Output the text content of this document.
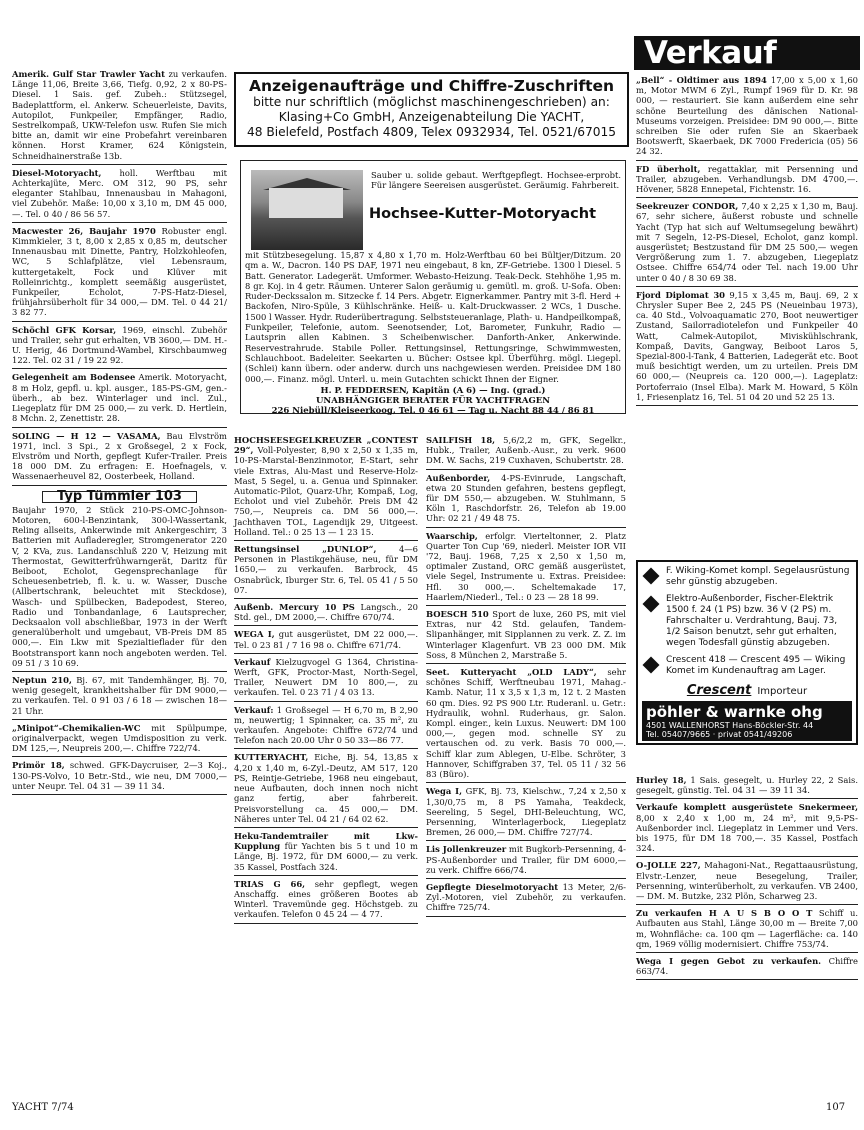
Verkauf
Anzeigenaufträge und Chiffre-Zuschriften
bitte nur schriftlich (möglichst maschinengeschrieben) an:
Klasing+Co GmbH, Anzeigenabteilung Die YACHT,
48 Bielefeld, Postfach 4809, Telex 0932934, Tel. 0521/67015
Sauber u. solide gebaut. Werftgepflegt. Hochsee-erprobt. Für längere Seereisen ausgerüstet. Geräumig. Fahrbereit.
Hochsee-Kutter-Motoryacht
mit Stützbesegelung. 15,87 x 4,80 x 1,70 m. Holz-Werftbau 60 bei Bültjer/Ditzum. 20 qm a. W., Dacron. 140 PS DAF, 1971 neu eingebaut, 8 kn, ZF-Getriebe. 1300 l Diesel. 5 Batt. Generator. Ladegerät. Umformer. Webasto-Heizung. Teak-Deck. Stehhöhe 1,95 m. 8 gr. Koj. in 4 getr. Räumen. Unterer Salon geräumig u. gemütl. m. groß. U-Sofa. Oben: Ruder-Deckssalon m. Sitzecke f. 14 Pers. Abgetr. Eignerkammer. Pantry mit 3-fl. Herd + Backofen, Niro-Spüle, 3 Kühlschränke. Heiß- u. Kalt-Druckwasser. 2 WCs, 1 Dusche. 1500 l Wasser. Hydr. Ruderübertragung. Selbststeueranlage, Plath- u. Handpeilkompaß, Funkpeiler, Telefonie, autom. Seenotsender, Lot, Barometer, Funkuhr, Radio — Lautsprin allen Kabinen. 3 Scheibenwischer. Danforth-Anker, Ankerwinde. Reservestrahrude. Stabile Poller. Rettungsinsel, Rettungsringe, Schwimmwesten, Schlauchboot. Badeleiter. Seekarten u. Bücher: Ostsee kpl. Überführg. mögl. Liegepl. (Schlei) kann übern. oder anderw. durch uns nachgewiesen werden. Preisidee DM 180 000,—. Finanz. mögl. Unterl. u. mein Gutachten schickt Ihnen der Eigner.
H. P. FEDDERSEN, Kapitän (A 6) — Ing. (grad.)
UNABHÄNGIGER BERATER FÜR YACHTFRAGEN
226 Niebüll/Kleiseerkoog, Tel. 0 46 61 — Tag u. Nacht 88 44 / 86 81
Amerik. Gulf Star Trawler Yacht zu verkaufen. Länge 11,06, Breite 3,66, Tiefg. 0,92, 2 x 80-PS-Diesel. 1 Sais. gef. Zubeh.: Stützsegel, Badeplattform, el. Ankerw. Scheuerleiste, Davits, Autopilot, Funkpeiler, Empfänger, Radio, Sestrelkompaß, UKW-Telefon usw. Rufen Sie mich bitte an, damit wir eine Probefahrt vereinbaren können. Horst Kramer, 624 Königstein, Schneidhainerstraße 13b.
Diesel-Motoryacht, holl. Werftbau mit Achterkajüte, Merc. OM 312, 90 PS, sehr eleganter Stahlbau, Innenausbau in Mahagoni, viel Zubehör. Maße: 10,00 x 3,10 m, DM 45 000,—. Tel. 0 40 / 86 56 57.
Macwester 26, Baujahr 1970 Robuster engl. Kimmkieler, 3 t, 8,00 x 2,85 x 0,85 m, deutscher Innenausbau mit Dinette, Pantry, Holzkohleofen, WC, 5 Schlafplätze, viel Lebensraum, kuttergetakelt, Fock und Klüver mit Rolleinrichtg., komplett seemäßig ausgerüstet, Funkpeiler, Echolot, 7-PS-Hatz-Diesel, frühjahrsüberholt für 34 000,— DM. Tel. 0 44 21/ 3 82 77.
Schöchl GFK Korsar, 1969, einschl. Zubehör und Trailer, sehr gut erhalten, VB 3600,— DM. H.-U. Herig, 46 Dortmund-Wambel, Kirschbaumweg 122. Tel. 02 31 / 19 22 92.
Gelegenheit am Bodensee Amerik. Motoryacht, 8 m Holz, gepfl. u. kpl. ausger., 185-PS-GM, gen.-überh., ab bez. Winterlager und incl. Zul., Liegeplatz für DM 25 000,— zu verk. D. Hertlein, 8 Mchn. 2, Zenettistr. 28.
SOLING — H 12 — VASAMA, Bau Elvström 1971, incl. 3 Spi., 2 x Großsegel, 2 x Fock, Elvström und North, gepflegt Kufer-Trailer. Preis 18 000 DM. Zu erfragen: E. Hoefnagels, v. Wassenaerheuvel 82, Oosterbeek, Holland.
Typ Tümmler 103
Baujahr 1970, 2 Stück 210-PS-OMC-Johnson-Motoren, 600-l-Benzintank, 300-l-Wassertank, Reling allseits, Ankerwinde mit Ankergeschirr, 3 Batterien mit Aufladeregler, Stromgenerator 220 V, 2 KVa, zus. Landanschluß 220 V, Heizung mit Thermostat, Gewitterfrühwarngerät, Daritz für Beiboot, Echolot, Gegensprechanlage für Scheuesenbetrieb, fl. k. u. w. Wasser, Dusche (Allbertschrank, beleuchtet mit Steckdose), Wasch- und Spülbecken, Badepodest, Stereo, Radio und Tonbandanlage, 6 Lautsprecher, Decksaalon voll abschließbar, 1973 in der Werft generalüberholt und umgebaut, VB-Preis DM 85 000,—. Ein Lkw mit Spezialtieflader für den Bootstransport kann noch angeboten werden. Tel. 09 51 / 3 10 69.
Neptun 210, Bj. 67, mit Tandemhänger, Bj. 70, wenig gesegelt, krankheitshalber für DM 9000,— zu verkaufen. Tel. 0 91 03 / 6 18 — zwischen 18—21 Uhr.
„Minipot“-Chemikalien-WC mit Spülpumpe, originalverpackt, wegen Umdisposition zu verk. DM 125,—, Neupreis 200,—. Chiffre 722/74.
Primör 18, schwed. GFK-Daycruiser, 2—3 Koj., 130-PS-Volvo, 10 Betr.-Std., wie neu, DM 7000,— unter Neupr. Tel. 04 31 — 39 11 34.
HOCHSEESEGELKREUZER „CONTEST 29“, Voll-Polyester, 8,90 x 2,50 x 1,35 m, 10-PS-Marstal-Benzinmotor, E-Start, sehr viele Extras, Alu-Mast und Reserve-Holz-Mast, 5 Segel, u. a. Genua und Spinnaker. Automatic-Pilot, Quarz-Uhr, Kompaß, Log, Echolot und viel Zubehör. Preis DM 42 750,—, Neupreis ca. DM 56 000,—. Jachthaven TOL, Lagendijk 29, Uitgeest. Holland. Tel.: 0 25 13 — 1 23 15.
Rettungsinsel „DUNLOP“, 4—6 Personen in Plastikgehäuse, neu, für DM 1650,— zu verkaufen. Barbrock, 45 Osnabrück, Iburger Str. 6, Tel. 05 41 / 5 50 07.
Außenb. Mercury 10 PS Langsch., 20 Std. gel., DM 2000,—. Chiffre 670/74.
WEGA I, gut ausgerüstet, DM 22 000,—. Tel. 0 23 81 / 7 16 98 o. Chiffre 671/74.
Verkauf Kielzugvogel G 1364, Christina-Werft, GFK, Proctor-Mast, North-Segel, Trailer, Neuwert DM 10 800,—, zu verkaufen. Tel. 0 23 71 / 4 03 13.
Verkauf: 1 Großsegel — H 6,70 m, B 2,90 m, neuwertig; 1 Spinnaker, ca. 35 m², zu verkaufen. Angebote: Chiffre 672/74 und Telefon nach 20.00 Uhr 0 50 33—86 77.
KUTTERYACHT, Eiche, Bj. 54, 13,85 x 4,20 x 1,40 m, 6-Zyl.-Deutz, AM 517, 120 PS, Reintje-Getriebe, 1968 neu eingebaut, neue Aufbauten, doch innen noch nicht ganz fertig, aber fahrbereit. Preisvorstellung ca. 45 000,— DM. Näheres unter Tel. 04 21 / 64 02 62.
Heku-Tandemtrailer mit Lkw-Kupplung für Yachten bis 5 t und 10 m Länge, Bj. 1972, für DM 6000,— zu verk. 35 Kassel, Postfach 324.
TRIAS G 66, sehr gepflegt, wegen Anschaffg. eines größeren Bootes ab Winterl. Travemünde geg. Höchstgeb. zu verkaufen. Telefon 0 45 24 — 4 77.
SAILFISH 18, 5,6/2,2 m, GFK, Segelkr., Hubk., Trailer, Außenb.-Ausr., zu verk. 9600 DM. W. Sachs, 219 Cuxhaven, Schubertstr. 28.
Außenborder, 4-PS-Evinrude, Langschaft, etwa 20 Stunden gefahren, bestens gepflegt, für DM 550,— abzugeben. W. Stuhlmann, 5 Köln 1, Raschdorfstr. 26, Telefon ab 19.00 Uhr: 02 21 / 49 48 75.
Waarschip, erfolgr. Vierteltonner, 2. Platz Quarter Ton Cup '69, niederl. Meister IOR VII '72, Bauj. 1968, 7,25 x 2,50 x 1,50 m, optimaler Zustand, ORC gemäß ausgerüstet, viele Segel, Instrumente u. Extras. Preisidee: Hfl. 30 000,—. Scheltemakade 17, Haarlem/Niederl., Tel.: 0 23 — 28 18 99.
BOESCH 510 Sport de luxe, 260 PS, mit viel Extras, nur 42 Std. gelaufen, Tandem-Slipanhänger, mit Sipplannen zu verk. Z. Z. im Winterlager Klagenfurt. VB 23 000 DM. Mik Soss, 8 München 2, Marstraße 5.
Seet. Kutteryacht „OLD LADY“, sehr schönes Schiff, Werftneubau 1971, Mahag.-Kamb. Natur, 11 x 3,5 x 1,3 m, 12 t. 2 Masten 60 qm. Dies. 92 PS 900 Ltr. Ruderanl. u. Getr.: Hydraulik, wohnl. Ruderhaus, gr. Salon. Kompl. einger., kein Luxus. Neuwert: DM 100 000,—, gegen mod. schnelle SY zu vertauschen od. zu verk. Basis 70 000,—. Schiff klar zum Ablegen, U-Elbe. Schröter, 3 Hannover, Schiffgraben 37, Tel. 05 11 / 32 56 83 (Büro).
Wega I, GFK, Bj. 73, Kielschw., 7,24 x 2,50 x 1,30/0,75 m, 8 PS Yamaha, Teakdeck, Seereling, 5 Segel, DHI-Beleuchtung, WC, Persenning, Winterlagerbock, Liegeplatz Bremen, 26 000,— DM. Chiffre 727/74.
Lis Jollenkreuzer mit Bugkorb-Persenning, 4-PS-Außenborder und Trailer, für DM 6000,— zu verk. Chiffre 666/74.
Gepflegte Dieselmotoryacht 13 Meter, 2/6-Zyl.-Motoren, viel Zubehör, zu verkaufen. Chiffre 725/74.
„Bell“ - Oldtimer aus 1894 17,00 x 5,00 x 1,60 m, Motor MWM 6 Zyl., Rumpf 1969 für D. Kr. 98 000, — restauriert. Sie kann außerdem eine sehr schöne Beurteilung des dänischen National-Museums vorzeigen. Preisidee: DM 90 000,—. Bitte schreiben Sie oder rufen Sie an Skaerbaek Bootswerft, Skaerbaek, DK 7000 Fredericia (05) 56 24 32.
FD überholt, regattaklar, mit Persenning und Trailer, abzugeben. Verhandlungsb. DM 4700,—. Hövener, 5828 Ennepetal, Fichtenstr. 16.
Seekreuzer CONDOR, 7,40 x 2,25 x 1,30 m, Bauj. 67, sehr sichere, äußerst robuste und schnelle Yacht (Typ hat sich auf Weltumsegelung bewährt) mit 7 Segeln, 12-PS-Diesel, Echolot, ganz kompl. ausgerüstet; Bestzustand für DM 25 500,— wegen Vergrößerung zum 1. 7. abzugeben, Liegeplatz Ostsee. Chiffre 654/74 oder Tel. nach 19.00 Uhr unter 0 40 / 8 30 69 38.
Fjord Diplomat 30 9,15 x 3,45 m, Bauj. 69, 2 x Chrysler Super Bee 2, 245 PS (Neueinbau 1973), ca. 40 Std., Volvoaquamatic 270, Boot neuwertiger Zustand, Sailorradiotelefon und Funkpeiler 40 Watt, Calmek-Autopilot, Miviskühlschrank, Kompaß, Davits, Gangway, Beiboot Laros 5, Spezial-800-l-Tank, 4 Batterien, Ladegerät etc. Boot muß besichtigt werden, um zu urteilen. Preis DM 60 000,— (Neupreis ca. 120 000,—). Lageplatz: Portoferraio (Insel Elba). Mark M. Howard, 5 Köln 1, Friesenplatz 16, Tel. 51 04 20 und 52 25 13.
F. Wiking-Komet kompl. Segelausrüstung sehr günstig abzugeben.
Elektro-Außenborder, Fischer-Elektrik 1500 f. 24 (1 PS) bzw. 36 V (2 PS) m. Fahrschalter u. Verdrahtung, Bauj. 73, 1/2 Saison benutzt, sehr gut erhalten, wegen Todesfall günstig abzugeben.
Crescent 418 — Crescent 495 — Wiking Komet im Kundenauftrag am Lager.
Crescent Importeur
pöhler & warnke ohg
4501 WALLENHORST Hans-Böckler-Str. 44
Tel. 05407/9665 · privat 0541/49206
Hurley 18, 1 Sais. gesegelt, u. Hurley 22, 2 Sais. gesegelt, günstig. Tel. 04 31 — 39 11 34.
Verkaufe komplett ausgerüstete Snekermeer, 8,00 x 2,40 x 1,00 m, 24 m², mit 9,5-PS-Außenborder incl. Liegeplatz in Lemmer und Vers. bis 1975, für DM 18 700,—. 35 Kassel, Postfach 324.
O-JOLLE 227, Mahagoni-Nat., Regattaausrüstung, Elvstr.-Lenzer, neue Besegelung, Trailer, Persenning, winterüberholt, zu verkaufen. VB 2400,— DM. M. Butzke, 232 Plön, Scharweg 23.
Zu verkaufen H A U S B O O T Schiff u. Aufbauten aus Stahl, Länge 30,00 m — Breite 7,00 m, Wohnfläche: ca. 100 qm — Lagerfläche: ca. 140 qm, 1969 völlig modernisiert. Chiffre 753/74.
Wega I gegen Gebot zu verkaufen. Chiffre 663/74.
YACHT 7/74	107
